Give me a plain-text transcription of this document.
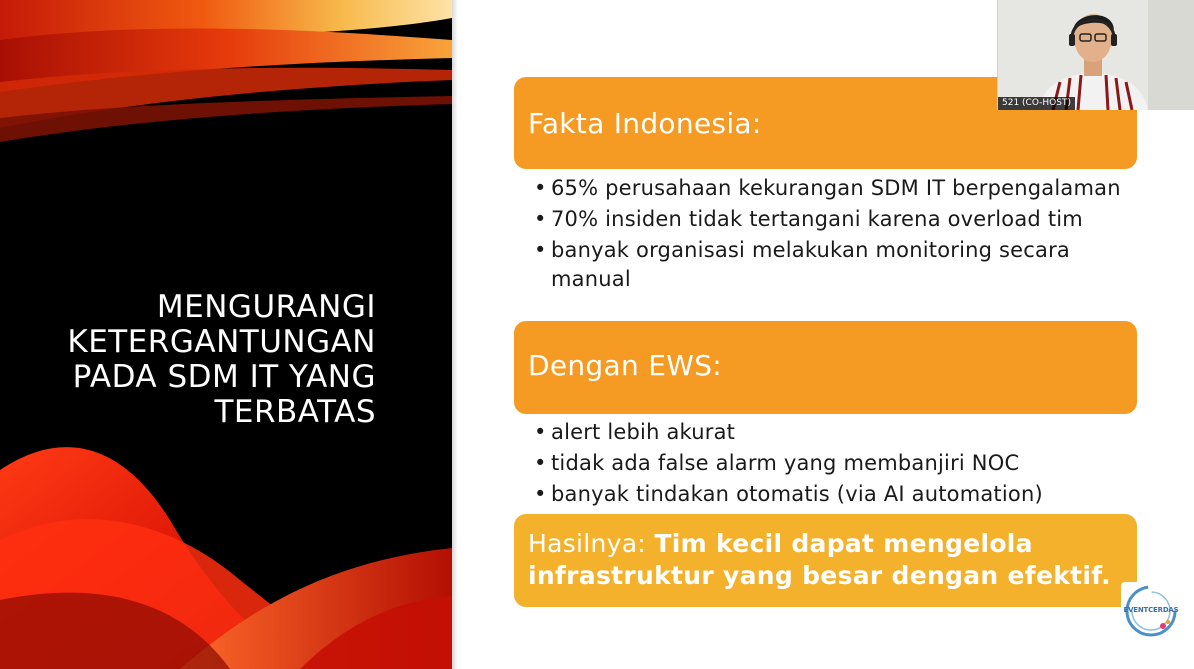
MENGURANGI KETERGANTUNGAN PADA SDM IT YANG TERBATAS
Fakta Indonesia:
• 65% perusahaan kekurangan SDM IT berpengalaman
• 70% insiden tidak tertangani karena overload tim
• banyak organisasi melakukan monitoring secara manual
Dengan EWS:
• alert lebih akurat
• tidak ada false alarm yang membanjiri NOC
• banyak tindakan otomatis (via AI automation)
Hasilnya: Tim kecil dapat mengelola infrastruktur yang besar dengan efektif.
521 (CO-HOST)
EVENTCERDAS
